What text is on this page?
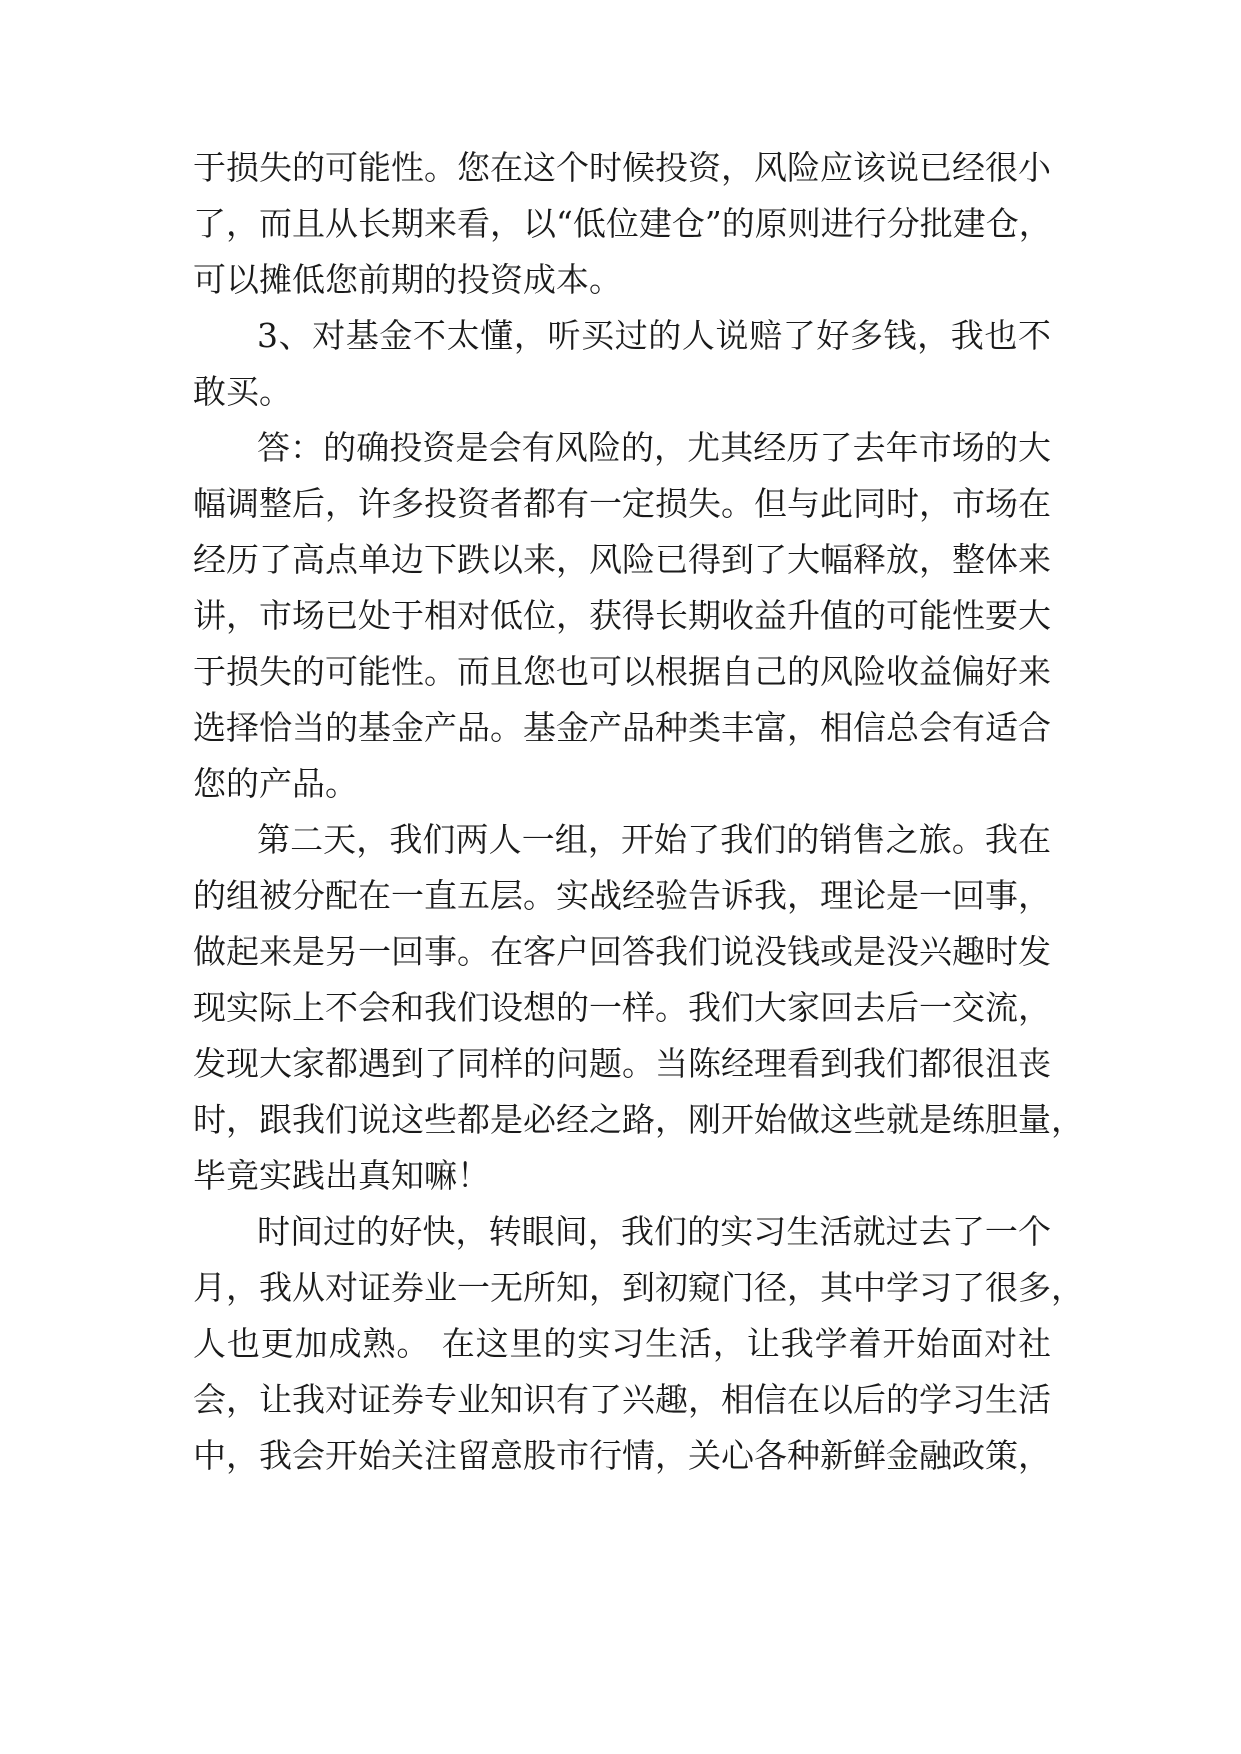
于损失的可能性。您在这个时候投资，风险应该说已经很小

了，而且从长期来看，以“低位建仓”的原则进行分批建仓，

可以摊低您前期的投资成本。

3、对基金不太懂，听买过的人说赔了好多钱，我也不

敢买。

答：的确投资是会有风险的，尤其经历了去年市场的大

幅调整后，许多投资者都有一定损失。但与此同时，市场在

经历了高点单边下跌以来，风险已得到了大幅释放，整体来

讲，市场已处于相对低位，获得长期收益升值的可能性要大

于损失的可能性。而且您也可以根据自己的风险收益偏好来

选择恰当的基金产品。基金产品种类丰富，相信总会有适合

您的产品。

第二天，我们两人一组，开始了我们的销售之旅。我在

的组被分配在一直五层。实战经验告诉我，理论是一回事，

做起来是另一回事。在客户回答我们说没钱或是没兴趣时发

现实际上不会和我们设想的一样。我们大家回去后一交流，

发现大家都遇到了同样的问题。当陈经理看到我们都很沮丧

时，跟我们说这些都是必经之路，刚开始做这些就是练胆量，

毕竟实践出真知嘛！

时间过的好快，转眼间，我们的实习生活就过去了一个

月，我从对证券业一无所知，到初窥门径，其中学习了很多，

人也更加成熟。 在这里的实习生活，让我学着开始面对社

会，让我对证券专业知识有了兴趣，相信在以后的学习生活

中，我会开始关注留意股市行情，关心各种新鲜金融政策，
